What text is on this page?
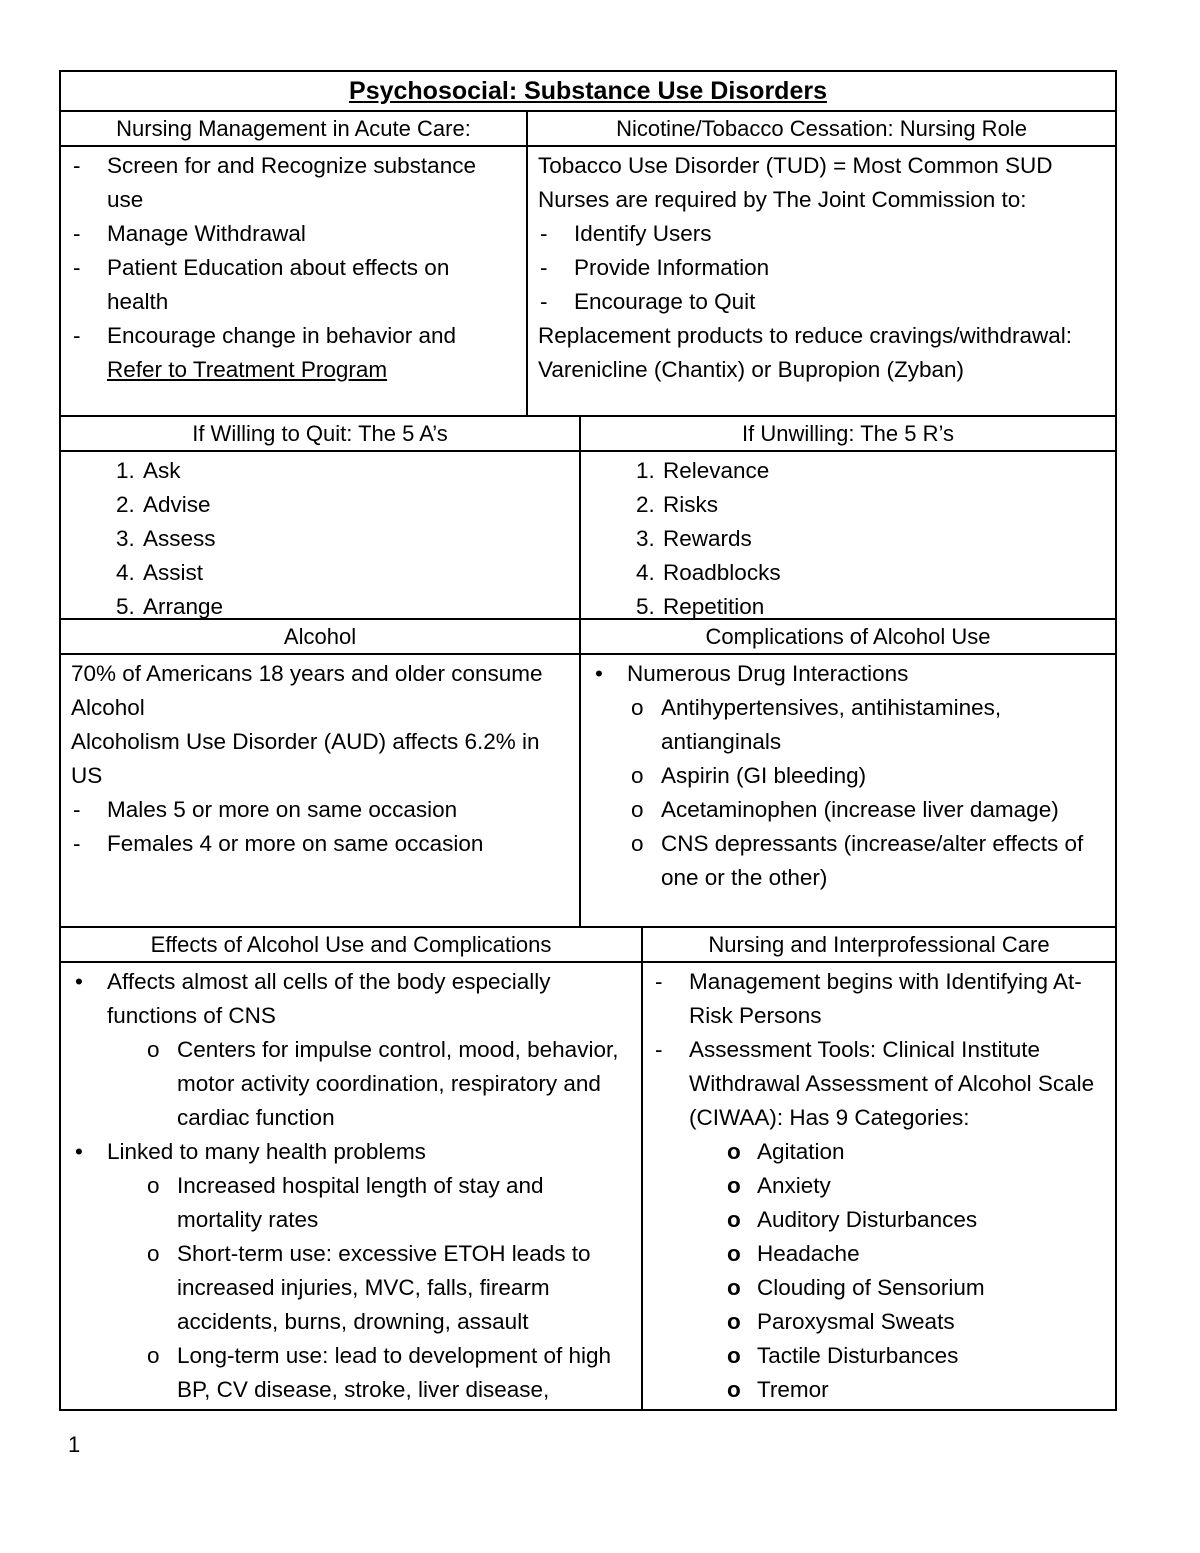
Psychosocial: Substance Use Disorders
Nursing Management in Acute Care:
- Screen for and Recognize substance use
- Manage Withdrawal
- Patient Education about effects on health
- Encourage change in behavior and
Refer to Treatment Program
Nicotine/Tobacco Cessation: Nursing Role
Tobacco Use Disorder (TUD) = Most Common SUD
Nurses are required by The Joint Commission to:
- Identify Users
- Provide Information
- Encourage to Quit
Replacement products to reduce cravings/withdrawal:
Varenicline (Chantix) or Bupropion (Zyban)
If Willing to Quit: The 5 A’s
1. Ask
2. Advise
3. Assess
4. Assist
5. Arrange
If Unwilling: The 5 R’s
1. Relevance
2. Risks
3. Rewards
4. Roadblocks
5. Repetition
Alcohol
70% of Americans 18 years and older consume Alcohol
Alcoholism Use Disorder (AUD) affects 6.2% in US
- Males 5 or more on same occasion
- Females 4 or more on same occasion
Complications of Alcohol Use
• Numerous Drug Interactions
o Antihypertensives, antihistamines, antianginals
o Aspirin (GI bleeding)
o Acetaminophen (increase liver damage)
o CNS depressants (increase/alter effects of one or the other)
Effects of Alcohol Use and Complications
• Affects almost all cells of the body especially functions of CNS
o Centers for impulse control, mood, behavior, motor activity coordination, respiratory and cardiac function
• Linked to many health problems
o Increased hospital length of stay and mortality rates
o Short-term use: excessive ETOH leads to increased injuries, MVC, falls, firearm accidents, burns, drowning, assault
o Long-term use: lead to development of high BP, CV disease, stroke, liver disease,
Nursing and Interprofessional Care
- Management begins with Identifying At-Risk Persons
- Assessment Tools: Clinical Institute Withdrawal Assessment of Alcohol Scale (CIWAA): Has 9 Categories:
o Agitation
o Anxiety
o Auditory Disturbances
o Headache
o Clouding of Sensorium
o Paroxysmal Sweats
o Tactile Disturbances
o Tremor
1
